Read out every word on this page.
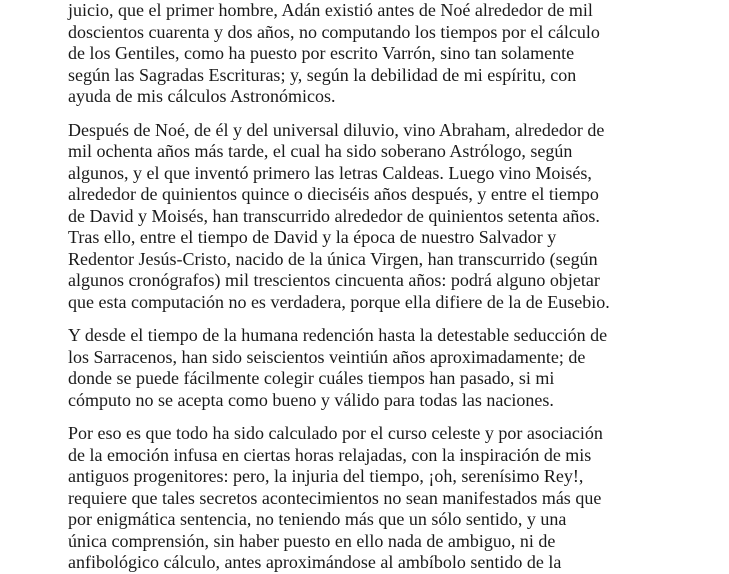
juicio, que el primer hombre, Adán existió antes de Noé alrededor de mil
doscientos cuarenta y dos años, no computando los tiempos por el cálculo
de los Gentiles, como ha puesto por escrito Varrón, sino tan solamente
según las Sagradas Escrituras; y, según la debilidad de mi espíritu, con
ayuda de mis cálculos Astronómicos.
Después de Noé, de él y del universal diluvio, vino Abraham, alrededor de
mil ochenta años más tarde, el cual ha sido soberano Astrólogo, según
algunos, y el que inventó primero las letras Caldeas. Luego vino Moisés,
alrededor de quinientos quince o dieciséis años después, y entre el tiempo
de David y Moisés, han transcurrido alrededor de quinientos setenta años.
Tras ello, entre el tiempo de David y la época de nuestro Salvador y
Redentor Jesús-Cristo, nacido de la única Virgen, han transcurrido (según
algunos cronógrafos) mil trescientos cincuenta años: podrá alguno objetar
que esta computación no es verdadera, porque ella difiere de la de Eusebio.
Y desde el tiempo de la humana redención hasta la detestable seducción de
los Sarracenos, han sido seiscientos veintiún años aproximadamente; de
donde se puede fácilmente colegir cuáles tiempos han pasado, si mi
cómputo no se acepta como bueno y válido para todas las naciones.
Por eso es que todo ha sido calculado por el curso celeste y por asociación
de la emoción infusa en ciertas horas relajadas, con la inspiración de mis
antiguos progenitores: pero, la injuria del tiempo, ¡oh, serenísimo Rey!,
requiere que tales secretos acontecimientos no sean manifestados más que
por enigmática sentencia, no teniendo más que un sólo sentido, y una
única comprensión, sin haber puesto en ello nada de ambiguo, ni de
anfibológico cálculo, antes aproximándose al ambíbolo sentido de la
